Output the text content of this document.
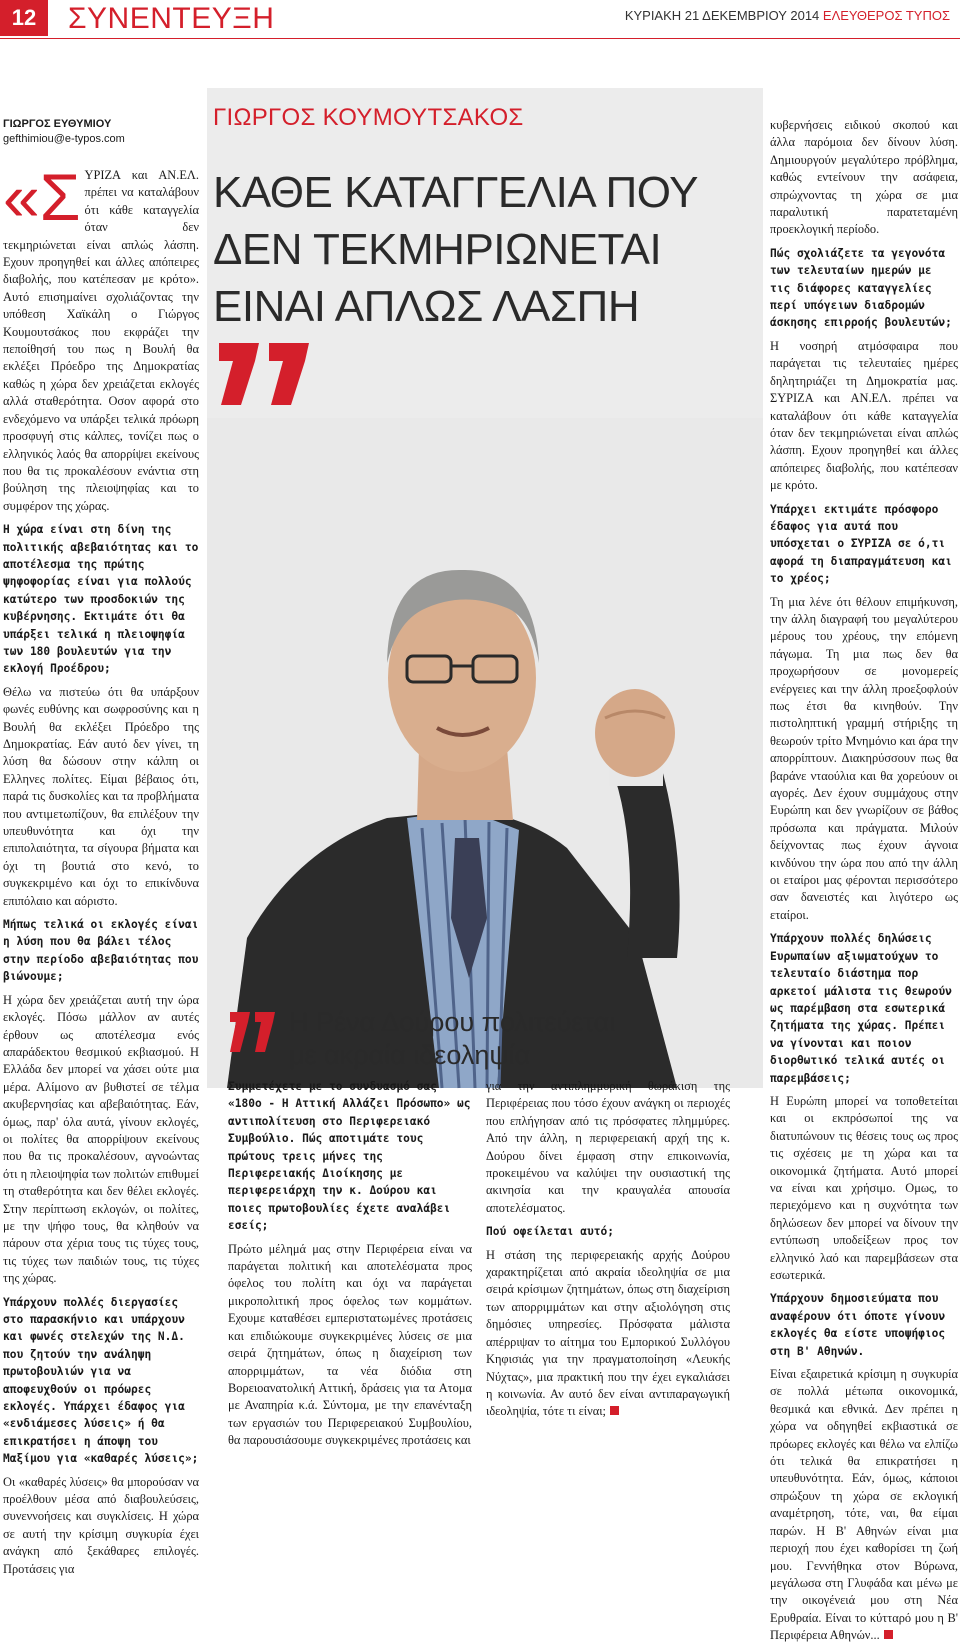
12	ΣΥΝΕΝΤΕΥΞΗ	ΚΥΡΙΑΚΗ 21 ΔΕΚΕΜΒΡΙΟΥ 2014 ΕΛΕΥΘΕΡΟΣ ΤΥΠΟΣ
ΓΙΩΡΓΟΣ ΕΥΘΥΜΙΟΥ
gefthimiou@e-typos.com

«ΣΥΡΙΖΑ και ΑΝ.ΕΛ. πρέπει να καταλάβουν ότι κάθε καταγγελία όταν δεν τεκμηριώνεται είναι απλώς λάσπη. Εχουν προηγηθεί και άλλες απόπειρες διαβολής, που κατέπεσαν με κρότο». Αυτό επισημαίνει σχολιάζοντας την υπόθεση Χαϊκάλη ο Γιώργος Κουμουτσάκος που εκφράζει την πεποίθησή του πως η Βουλή θα εκλέξει Πρόεδρο της Δημοκρατίας καθώς η χώρα δεν χρειάζεται εκλογές αλλά σταθερότητα. Οσον αφορά στο ενδεχόμενο να υπάρξει τελικά πρόωρη προσφυγή στις κάλπες, τονίζει πως ο ελληνικός λαός θα απορρίψει εκείνους που θα τις προκαλέσουν ενάντια στη βούληση της πλειοψηφίας και το συμφέρον της χώρας.

Η χώρα είναι στη δίνη της πολιτικής αβεβαιότητας και το αποτέλεσμα της πρώτης ψηφοφορίας είναι για πολλούς κατώτερο των προσδοκιών της κυβέρνησης. Εκτιμάτε ότι θα υπάρξει τελικά η πλειοψηφία των 180 βουλευτών για την εκλογή Προέδρου;

Θέλω να πιστεύω ότι θα υπάρξουν φωνές ευθύνης και σωφροσύνης και η Βουλή θα εκλέξει Πρόεδρο της Δημοκρατίας. Εάν αυτό δεν γίνει, τη λύση θα δώσουν στην κάλπη οι Ελληνες πολίτες. Είμαι βέβαιος ότι, παρά τις δυσκολίες και τα προβλήματα που αντιμετωπίζουν, θα επιλέξουν την υπευθυνότητα και όχι την επιπολαιότητα, τα σίγουρα βήματα και όχι τη βουτιά στο κενό, το συγκεκριμένο και όχι το επικίνδυνα επιπόλαιο και αόριστο.

Μήπως τελικά οι εκλογές είναι η λύση που θα βάλει τέλος στην περίοδο αβεβαιότητας που βιώνουμε;

Η χώρα δεν χρειάζεται αυτή την ώρα εκλογές. Πόσω μάλλον αν αυτές έρθουν ως αποτέλεσμα ενός απαράδεκτου θεσμικού εκβιασμού. Η Ελλάδα δεν μπορεί να χάσει ούτε μια μέρα. Αλίμονο αν βυθιστεί σε τέλμα ακυβερνησίας και αβεβαιότητας. Εάν, όμως, παρ' όλα αυτά, γίνουν εκλογές, οι πολίτες θα απορρίψουν εκείνους που θα τις προκαλέσουν, αγνοώντας ότι η πλειοψηφία των πολιτών επιθυμεί τη σταθερότητα και δεν θέλει εκλογές. Στην περίπτωση εκλογών, οι πολίτες, με την ψήφο τους, θα κληθούν να πάρουν στα χέρια τους τις τύχες τους, τις τύχες των παιδιών τους, τις τύχες της χώρας.

Υπάρχουν πολλές διεργασίες στο παρασκήνιο και υπάρχουν και φωνές στελεχών της Ν.Δ. που ζητούν την ανάληψη πρωτοβουλιών για να αποφευχθούν οι πρόωρες εκλογές. Υπάρχει έδαφος για «ενδιάμεσες λύσεις» ή θα επικρατήσει η άποψη του Μαξίμου για «καθαρές λύσεις»;

Οι «καθαρές λύσεις» θα μπορούσαν να προέλθουν μέσα από διαβουλεύσεις, συνεννοήσεις και συγκλίσεις. Η χώρα σε αυτή την κρίσιμη συγκυρία έχει ανάγκη από ξεκάθαρες επιλογές. Προτάσεις για

ΓΙΩΡΓΟΣ ΚΟΥΜΟΥΤΣΑΚΟΣ
ΚΑΘΕ ΚΑΤΑΓΓΕΛΙΑ ΠΟΥ
ΔΕΝ ΤΕΚΜΗΡΙΩΝΕΤΑΙ
ΕΙΝΑΙ ΑΠΛΩΣ ΛΑΣΠΗ
Η Ρένα Δούρου πολιτεύεται
με ακραία ιδεοληψία

Συμμετέχετε με το συνδυασμό σας «180ο - Η Αττική Αλλάζει Πρόσωπο» ως αντιπολίτευση στο Περιφερειακό Συμβούλιο. Πώς αποτιμάτε τους πρώτους τρεις μήνες της Περιφερειακής Διοίκησης με περιφερειάρχη την κ. Δούρου και ποιες πρωτοβουλίες έχετε αναλάβει εσείς;

Πρώτο μέλημά μας στην Περιφέρεια είναι να παράγεται πολιτική και αποτελέσματα προς όφελος του πολίτη και όχι να παράγεται μικροπολιτική προς όφελος των κομμάτων. Εχουμε καταθέσει εμπεριστατωμένες προτάσεις και επιδιώκουμε συγκεκριμένες λύσεις σε μια σειρά ζητημάτων, όπως η διαχείριση των απορριμμάτων, τα νέα διόδια στη Βορειοανατολική Αττική, δράσεις για τα Ατομα με Αναπηρία κ.ά. Σύντομα, με την επανένταξη των εργασιών του Περιφερειακού Συμβουλίου, θα παρουσιάσουμε συγκεκριμένες προτάσεις και

για την αντιπλημμυρική θωράκιση της Περιφέρειας που τόσο έχουν ανάγκη οι περιοχές που επλήγησαν από τις πρόσφατες πλημμύρες. Από την άλλη, η περιφερειακή αρχή της κ. Δούρου δίνει έμφαση στην επικοινωνία, προκειμένου να καλύψει την ουσιαστική της ακινησία και την κραυγαλέα απουσία αποτελέσματος.

Πού οφείλεται αυτό;

Η στάση της περιφερειακής αρχής Δούρου χαρακτηρίζεται από ακραία ιδεοληψία σε μια σειρά κρίσιμων ζητημάτων, όπως στη διαχείριση των απορριμμάτων και στην αξιολόγηση στις δημόσιες υπηρεσίες. Πρόσφατα μάλιστα απέρριψαν το αίτημα του Εμπορικού Συλλόγου Κηφισιάς για την πραγματοποίηση «Λευκής Νύχτας», μια πρακτική που την έχει εγκαλιάσει η κοινωνία. Αν αυτό δεν είναι αντιπαραγωγική ιδεοληψία, τότε τι είναι;

κυβερνήσεις ειδικού σκοπού και άλλα παρόμοια δεν δίνουν λύση. Δημιουργούν μεγαλύτερο πρόβλημα, καθώς εντείνουν την ασάφεια, σπρώχνοντας τη χώρα σε μια παραλυτική παρατεταμένη προεκλογική περίοδο.

Πώς σχολιάζετε τα γεγονότα των τελευταίων ημερών με τις διάφορες καταγγελίες περί υπόγειων διαδρομών άσκησης επιρροής βουλευτών;

Η νοσηρή ατμόσφαιρα που παράγεται τις τελευταίες ημέρες δηλητηριάζει τη Δημοκρατία μας. ΣΥΡΙΖΑ και ΑΝ.ΕΛ. πρέπει να καταλάβουν ότι κάθε καταγγελία όταν δεν τεκμηριώνεται είναι απλώς λάσπη. Εχουν προηγηθεί και άλλες απόπειρες διαβολής, που κατέπεσαν με κρότο.

Υπάρχει εκτιμάτε πρόσφορο έδαφος για αυτά που υπόσχεται ο ΣΥΡΙΖΑ σε ό,τι αφορά τη διαπραγμάτευση και το χρέος;

Τη μια λένε ότι θέλουν επιμήκυνση, την άλλη διαγραφή του μεγαλύτερου μέρους του χρέους, την επόμενη πάγωμα. Τη μια πως δεν θα προχωρήσουν σε μονομερείς ενέργειες και την άλλη προεξοφλούν πως έτσι θα κινηθούν. Την πιστοληπτική γραμμή στήριξης τη θεωρούν τρίτο Μνημόνιο και άρα την απορρίπτουν. Διακηρύσσουν πως θα βαράνε νταούλια και θα χορεύουν οι αγορές. Δεν έχουν συμμάχους στην Ευρώπη και δεν γνωρίζουν σε βάθος πρόσωπα και πράγματα. Μιλούν δείχνοντας πως έχουν άγνοια κινδύνου την ώρα που από την άλλη οι εταίροι μας φέρονται περισσότερο σαν δανειστές και λιγότερο ως εταίροι.

Υπάρχουν πολλές δηλώσεις Ευρωπαίων αξιωματούχων το τελευταίο διάστημα πορ αρκετοί μάλιστα τις θεωρούν ως παρέμβαση στα εσωτερικά ζητήματα της χώρας. Πρέπει να γίνονται και ποιον διορθωτικό τελικά αυτές οι παρεμβάσεις;

Η Ευρώπη μπορεί να τοποθετείται και οι εκπρόσωποί της να διατυπώνουν τις θέσεις τους ως προς τις σχέσεις με τη χώρα και τα οικονομικά ζητήματα. Αυτό μπορεί να είναι και χρήσιμο. Ομως, το περιεχόμενο και η συχνότητα των δηλώσεων δεν μπορεί να δίνουν την εντύπωση υποδείξεων προς τον ελληνικό λαό και παρεμβάσεων στα εσωτερικά.

Υπάρχουν δημοσιεύματα που αναφέρουν ότι όποτε γίνουν εκλογές θα είστε υποψήφιος στη Β' Αθηνών.

Είναι εξαιρετικά κρίσιμη η συγκυρία σε πολλά μέτωπα οικονομικά, θεσμικά και εθνικά. Δεν πρέπει η χώρα να οδηγηθεί εκβιαστικά σε πρόωρες εκλογές και θέλω να ελπίζω ότι τελικά θα επικρατήσει η υπευθυνότητα. Εάν, όμως, κάποιοι σπρώξουν τη χώρα σε εκλογική αναμέτρηση, τότε, ναι, θα είμαι παρών. Η Β' Αθηνών είναι μια περιοχή που έχει καθορίσει τη ζωή μου. Γεννήθηκα στον Βύρωνα, μεγάλωσα στη Γλυφάδα και μένω με την οικογένειά μου στη Νέα Ερυθραία. Είναι το κύτταρό μου η Β' Περιφέρεια Αθηνών...
